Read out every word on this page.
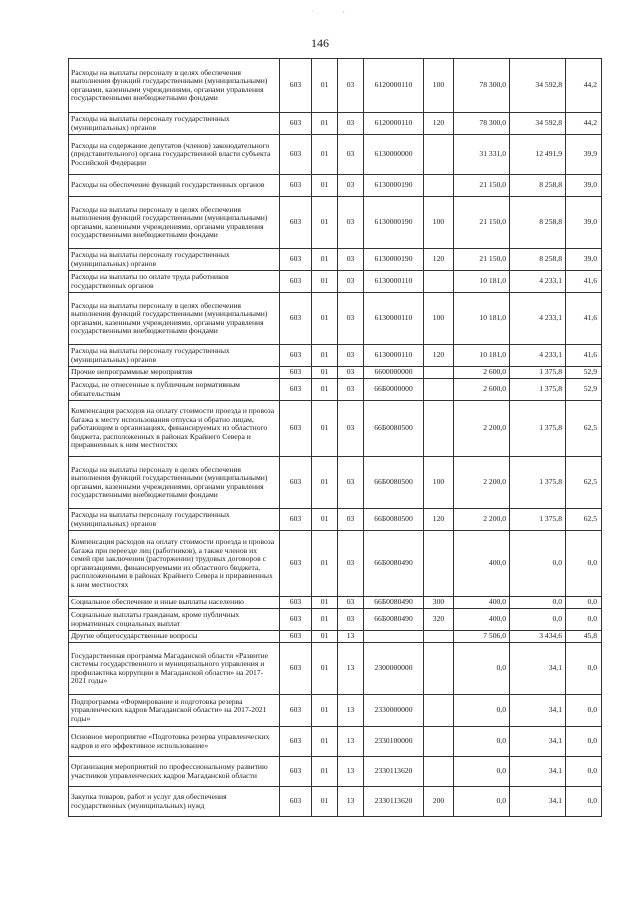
. ,
146
Расходы на выплаты персоналу в целях обеспечения выполнения функций государственными (муниципальными) органами, казенными учреждениями, органами управления государственными внебюджетными фондами	603	01	03	6120000110	100	78 300,0	34 592,8	44,2
Расходы на выплаты персоналу государственных (муниципальных) органов	603	01	03	6120000110	120	78 300,0	34 592,8	44,2
Расходы на содержание депутатов (членов) законодательного (представительного) органа государственной власти субъекта Российской Федерации	603	01	03	6130000000		31 331,0	12 491,9	39,9
Расходы на обеспечение функций государственных органов	603	01	03	6130000190		21 150,0	8 258,8	39,0
Расходы на выплаты персоналу в целях обеспечения выполнения функций государственными (муниципальными) органами, казенными учреждениями, органами управления государственными внебюджетными фондами	603	01	03	6130000190	100	21 150,0	8 258,8	39,0
Расходы на выплаты персоналу государственных (муниципальных) органов	603	01	03	6130000190	120	21 150,0	8 258,8	39,0
Расходы на выплаты по оплате труда работников государственных органов	603	01	03	6130000110		10 181,0	4 233,1	41,6
Расходы на выплаты персоналу в целях обеспечения выполнения функций государственными (муниципальными) органами, казенными учреждениями, органами управления государственными внебюджетными фондами	603	01	03	6130000110	100	10 181,0	4 233,1	41,6
Расходы на выплаты персоналу государственных (муниципальных) органов	603	01	03	6130000110	120	10 181,0	4 233,1	41,6
Прочие непрограммные мероприятия	603	01	03	6600000000		2 600,0	1 375,8	52,9
Расходы, не отнесенные к публичным нормативным обязательствам	603	01	03	66Б0000000		2 600,0	1 375,8	52,9
Компенсация расходов на оплату стоимости проезда и провоза багажа к месту использования отпуска и обратно лицам, работающим в организациях, финансируемых из областного бюджета, расположенных в районах Крайнего Севера и приравненных к ним местностях	603	01	03	66Б0080500		2 200,0	1 375,8	62,5
Расходы на выплаты персоналу в целях обеспечения выполнения функций государственными (муниципальными) органами, казенными учреждениями, органами управления государственными внебюджетными фондами	603	01	03	66Б0080500	100	2 200,0	1 375,8	62,5
Расходы на выплаты персоналу государственных (муниципальных) органов	603	01	03	66Б0080500	120	2 200,0	1 375,8	62,5
Компенсация расходов на оплату стоимости проезда и провоза багажа при переезде лиц (работников), а также членов их семей при заключении (расторжении) трудовых договоров с организациями, финансируемыми из областного бюджета, расположенными в районах Крайнего Севера и приравненных к ним местностях	603	01	03	66Б0080490		400,0	0,0	0,0
Социальное обеспечение и иные выплаты населению	603	01	03	66Б0080490	300	400,0	0,0	0,0
Социальные выплаты гражданам, кроме публичных нормативных социальных выплат	603	01	03	66Б0080490	320	400,0	0,0	0,0
Другие общегосударственные вопросы	603	01	13			7 506,0	3 434,6	45,8
Государственная программа Магаданской области «Развитие системы государственного и муниципального управления и профилактика коррупции в Магаданской области» на 2017-2021 годы»	603	01	13	2300000000		0,0	34,1	0,0
Подпрограмма «Формирование и подготовка резерва управленческих кадров Магаданской области» на 2017-2021 годы»	603	01	13	2330000000		0,0	34,1	0,0
Основное мероприятие «Подготовка резерва управленческих кадров и его эффективное использование»	603	01	13	2330100000		0,0	34,1	0,0
Организация мероприятий по профессиональному развитию участников управленческих кадров Магаданской области	603	01	13	2330113620		0,0	34,1	0,0
Закупка товаров, работ и услуг для обеспечения государственных (муниципальных) нужд	603	01	13	2330113620	200	0,0	34,1	0,0
